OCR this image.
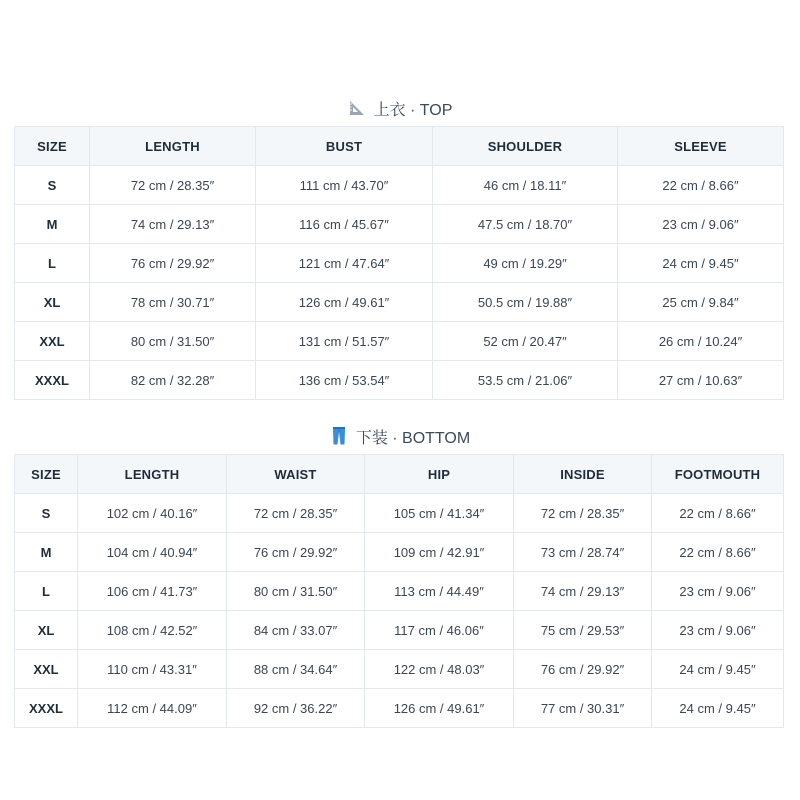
上衣 · TOP
SIZE	LENGTH	BUST	SHOULDER	SLEEVE
S	72 cm / 28.35″	111 cm / 43.70″	46 cm / 18.11″	22 cm / 8.66″
M	74 cm / 29.13″	116 cm / 45.67″	47.5 cm / 18.70″	23 cm / 9.06″
L	76 cm / 29.92″	121 cm / 47.64″	49 cm / 19.29″	24 cm / 9.45″
XL	78 cm / 30.71″	126 cm / 49.61″	50.5 cm / 19.88″	25 cm / 9.84″
XXL	80 cm / 31.50″	131 cm / 51.57″	52 cm / 20.47″	26 cm / 10.24″
XXXL	82 cm / 32.28″	136 cm / 53.54″	53.5 cm / 21.06″	27 cm / 10.63″
下装 · BOTTOM
SIZE	LENGTH	WAIST	HIP	INSIDE	FOOTMOUTH
S	102 cm / 40.16″	72 cm / 28.35″	105 cm / 41.34″	72 cm / 28.35″	22 cm / 8.66″
M	104 cm / 40.94″	76 cm / 29.92″	109 cm / 42.91″	73 cm / 28.74″	22 cm / 8.66″
L	106 cm / 41.73″	80 cm / 31.50″	113 cm / 44.49″	74 cm / 29.13″	23 cm / 9.06″
XL	108 cm / 42.52″	84 cm / 33.07″	117 cm / 46.06″	75 cm / 29.53″	23 cm / 9.06″
XXL	110 cm / 43.31″	88 cm / 34.64″	122 cm / 48.03″	76 cm / 29.92″	24 cm / 9.45″
XXXL	112 cm / 44.09″	92 cm / 36.22″	126 cm / 49.61″	77 cm / 30.31″	24 cm / 9.45″
